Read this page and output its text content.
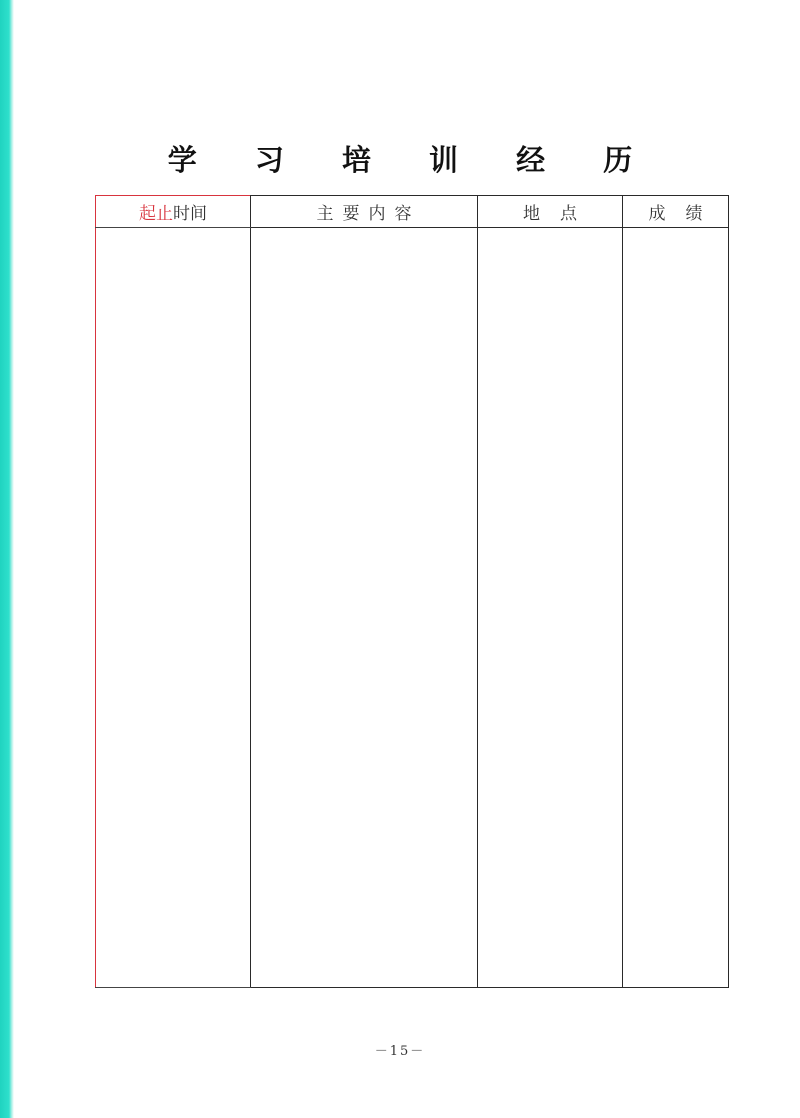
学 习 培 训 经 历
起止时间	主要内容	地点	成绩

－15－
